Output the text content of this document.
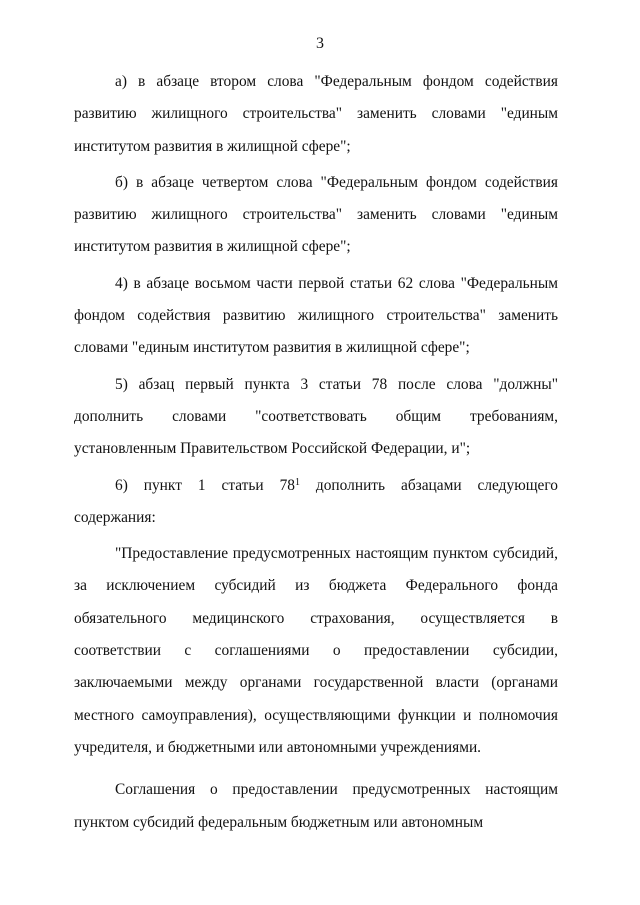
3

а) в абзаце втором слова "Федеральным фондом содействия развитию жилищного строительства" заменить словами "единым институтом развития в жилищной сфере";

б) в абзаце четвертом слова "Федеральным фондом содействия развитию жилищного строительства" заменить словами "единым институтом развития в жилищной сфере";

4) в абзаце восьмом части первой статьи 62 слова "Федеральным фондом содействия развитию жилищного строительства" заменить словами "единым институтом развития в жилищной сфере";

5) абзац первый пункта 3 статьи 78 после слова "должны" дополнить словами "соответствовать общим требованиям, установленным Правительством Российской Федерации, и";

6) пункт 1 статьи $78^1$ дополнить абзацами следующего содержания:

"Предоставление предусмотренных настоящим пунктом субсидий, за исключением субсидий из бюджета Федерального фонда обязательного медицинского страхования, осуществляется в соответствии с соглашениями о предоставлении субсидии, заключаемыми между органами государственной власти (органами местного самоуправления), осуществляющими функции и полномочия учредителя, и бюджетными или автономными учреждениями.

Соглашения о предоставлении предусмотренных настоящим пунктом субсидий федеральным бюджетным или автономным
